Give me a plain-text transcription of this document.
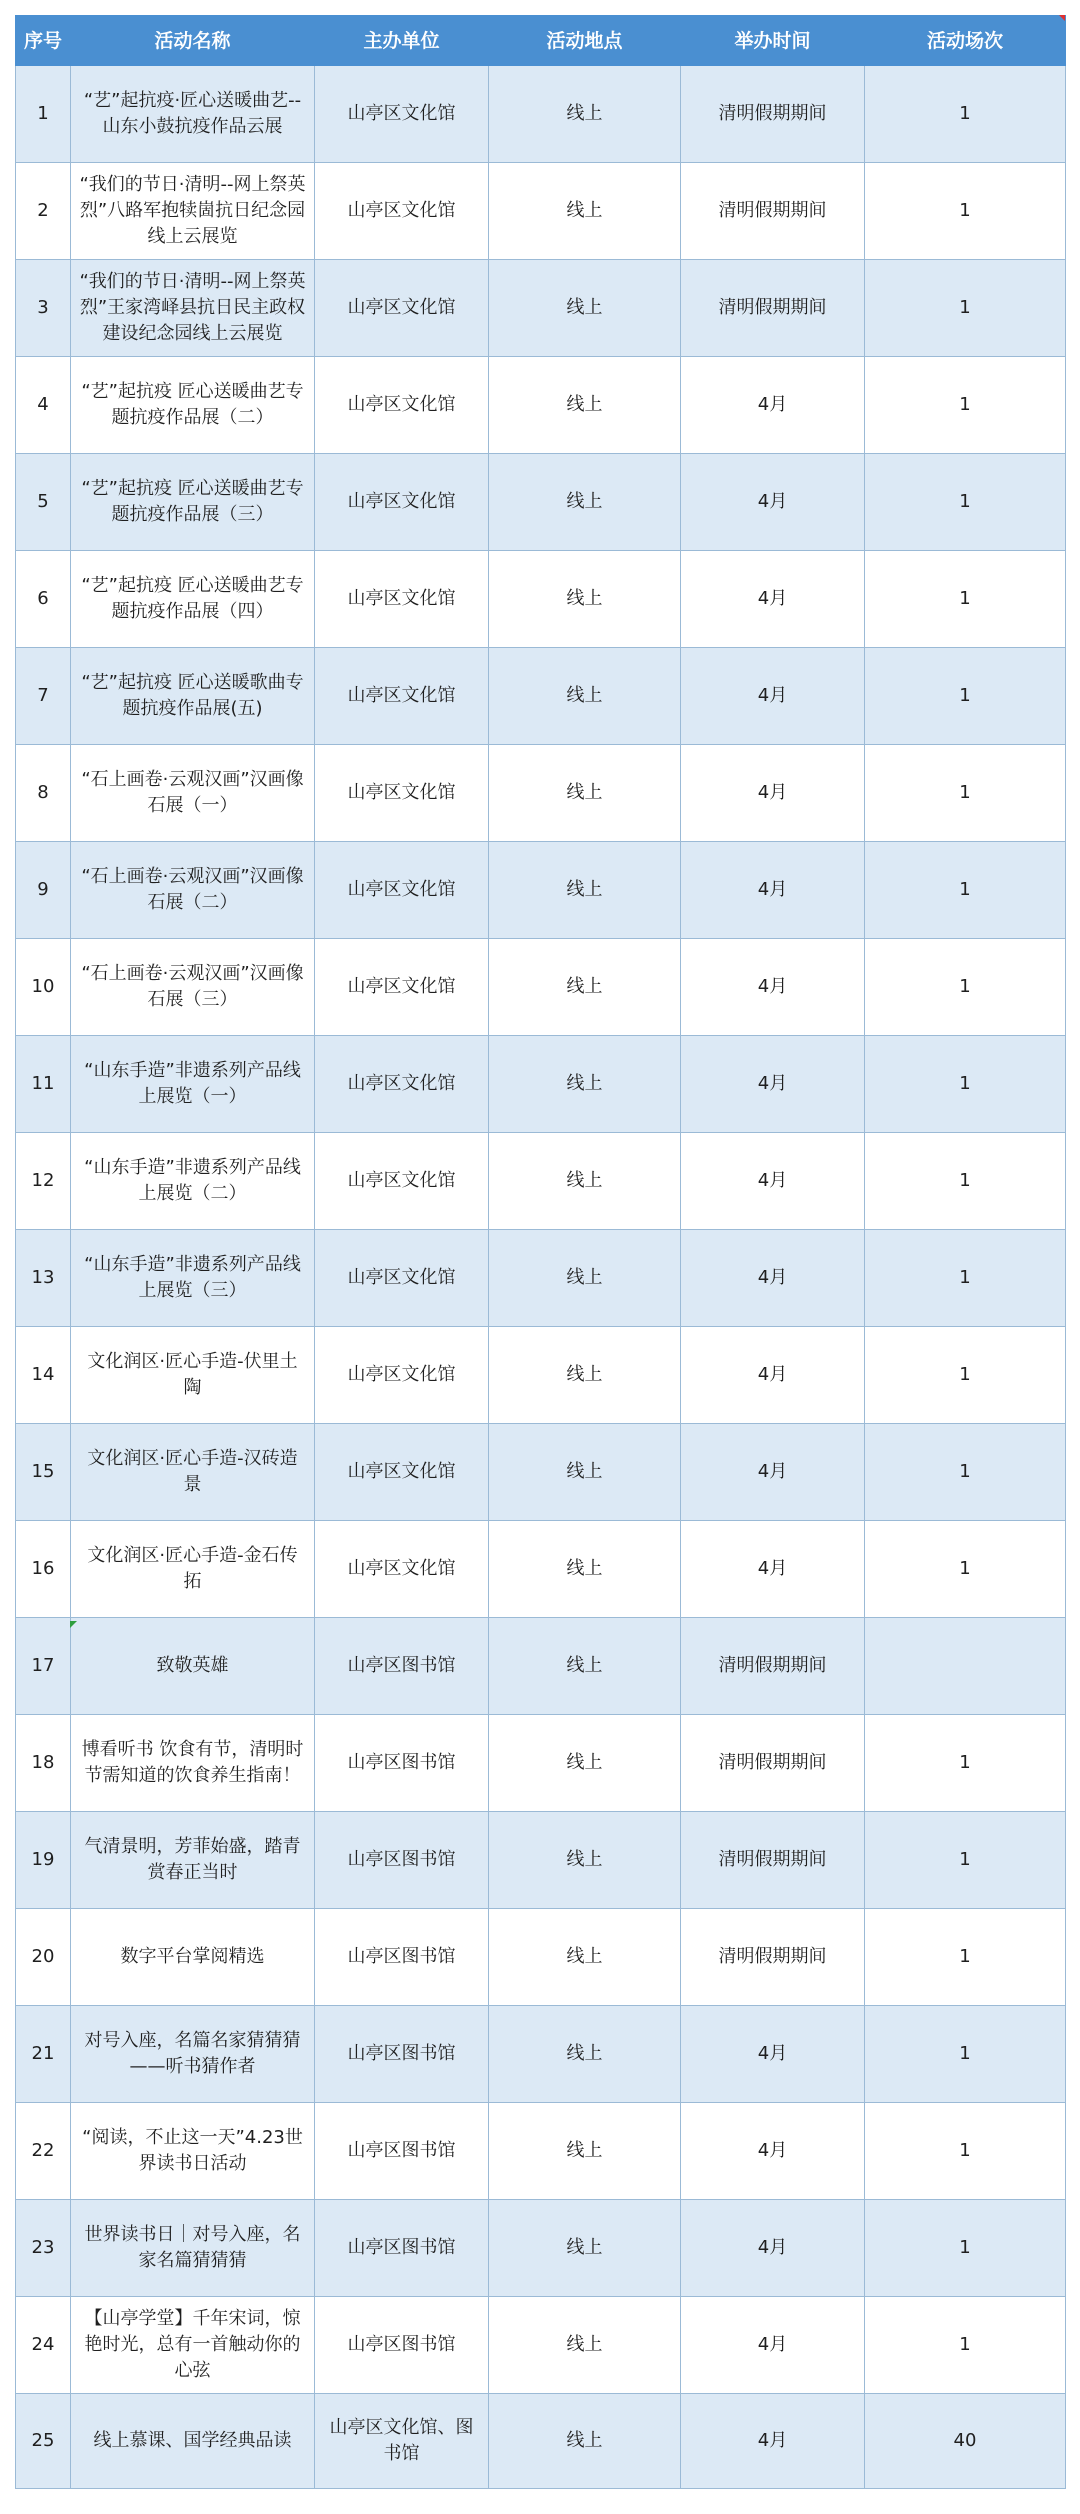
序号	活动名称	主办单位	活动地点	举办时间	活动场次
1	“艺”起抗疫·匠心送暖曲艺--山东小鼓抗疫作品云展	山亭区文化馆	线上	清明假期期间	1
2	“我们的节日·清明--网上祭英烈”八路军抱犊崮抗日纪念园线上云展览	山亭区文化馆	线上	清明假期期间	1
3	“我们的节日·清明--网上祭英烈”王家湾峄县抗日民主政权建设纪念园线上云展览	山亭区文化馆	线上	清明假期期间	1
4	“艺”起抗疫 匠心送暖曲艺专题抗疫作品展（二）	山亭区文化馆	线上	4月	1
5	“艺”起抗疫 匠心送暖曲艺专题抗疫作品展（三）	山亭区文化馆	线上	4月	1
6	“艺”起抗疫 匠心送暖曲艺专题抗疫作品展（四）	山亭区文化馆	线上	4月	1
7	“艺”起抗疫 匠心送暖歌曲专题抗疫作品展(五)	山亭区文化馆	线上	4月	1
8	“石上画卷·云观汉画”汉画像石展（一）	山亭区文化馆	线上	4月	1
9	“石上画卷·云观汉画”汉画像石展（二）	山亭区文化馆	线上	4月	1
10	“石上画卷·云观汉画”汉画像石展（三）	山亭区文化馆	线上	4月	1
11	“山东手造”非遗系列产品线上展览（一）	山亭区文化馆	线上	4月	1
12	“山东手造”非遗系列产品线上展览（二）	山亭区文化馆	线上	4月	1
13	“山东手造”非遗系列产品线上展览（三）	山亭区文化馆	线上	4月	1
14	文化润区·匠心手造-伏里土陶	山亭区文化馆	线上	4月	1
15	文化润区·匠心手造-汉砖造景	山亭区文化馆	线上	4月	1
16	文化润区·匠心手造-金石传拓	山亭区文化馆	线上	4月	1
17	致敬英雄	山亭区图书馆	线上	清明假期期间	
18	博看听书 饮食有节，清明时节需知道的饮食养生指南！	山亭区图书馆	线上	清明假期期间	1
19	气清景明，芳菲始盛，踏青赏春正当时	山亭区图书馆	线上	清明假期期间	1
20	数字平台掌阅精选	山亭区图书馆	线上	清明假期期间	1
21	对号入座，名篇名家猜猜猜——听书猜作者	山亭区图书馆	线上	4月	1
22	“阅读，不止这一天”4.23世界读书日活动	山亭区图书馆	线上	4月	1
23	世界读书日｜对号入座，名家名篇猜猜猜	山亭区图书馆	线上	4月	1
24	【山亭学堂】千年宋词，惊艳时光，总有一首触动你的心弦	山亭区图书馆	线上	4月	1
25	线上慕课、国学经典品读	山亭区文化馆、图书馆	线上	4月	40
